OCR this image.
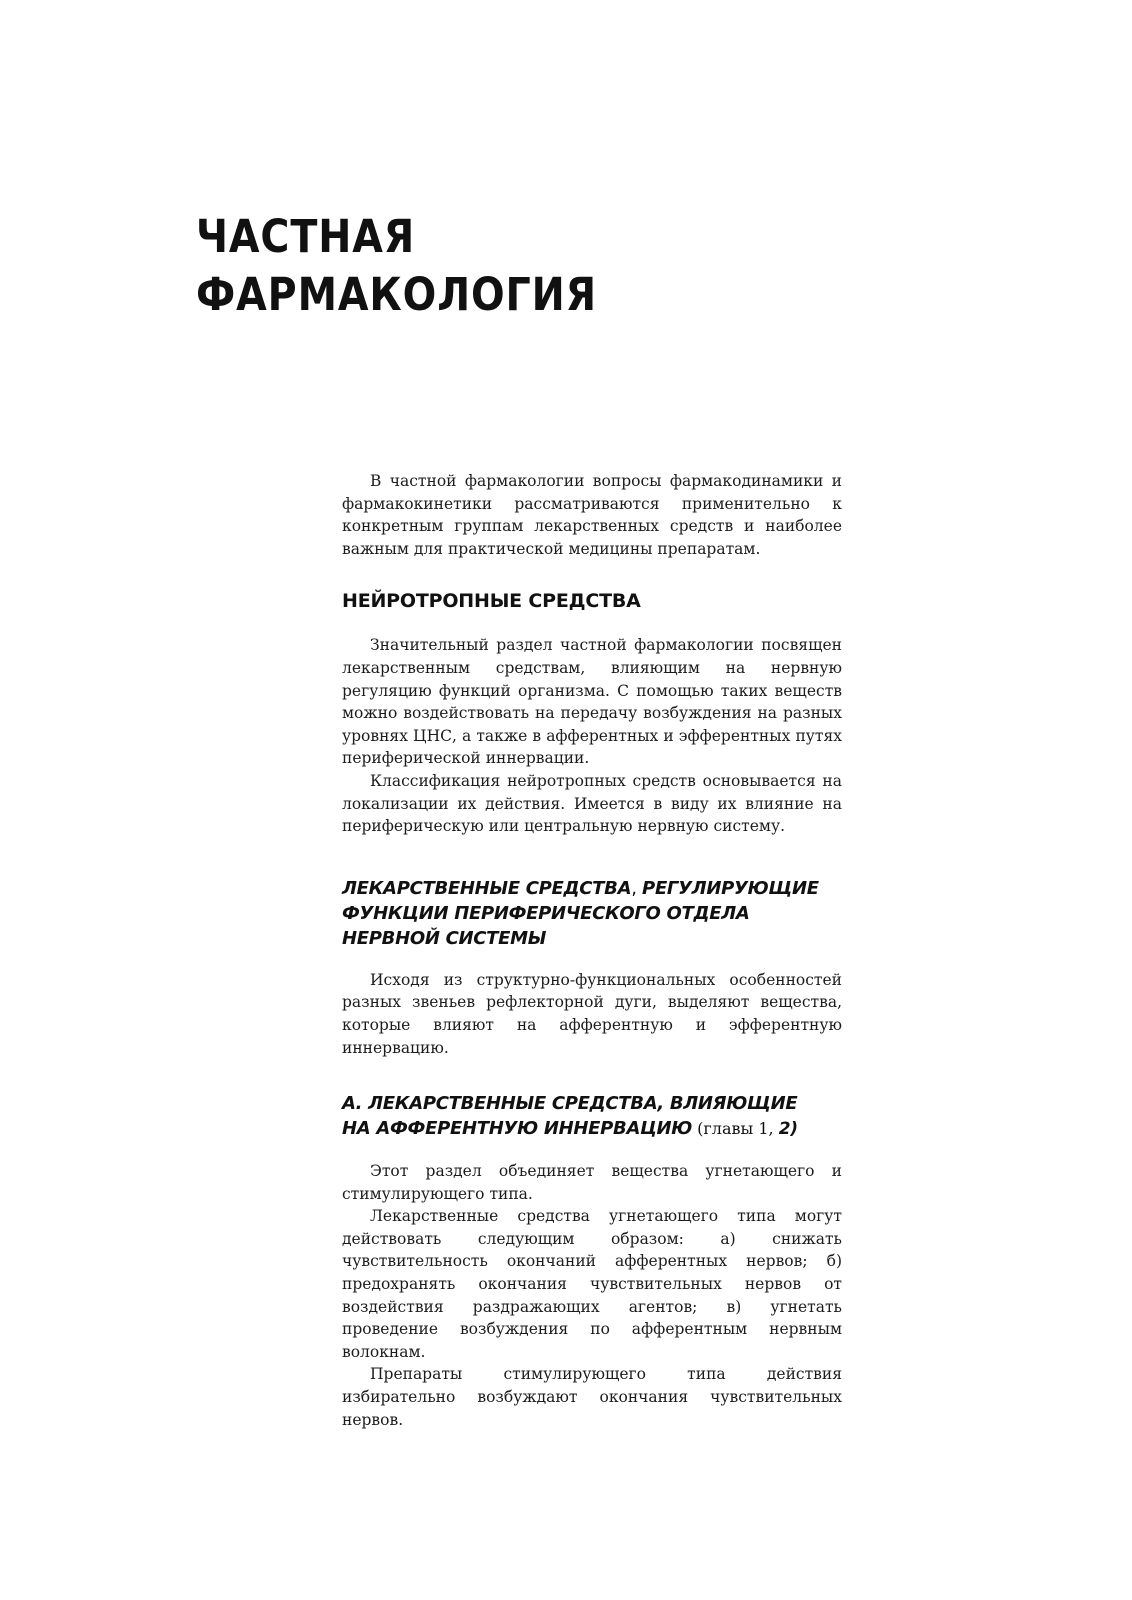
ЧАСТНАЯ
ФАРМАКОЛОГИЯ

В частной фармакологии вопросы фармакодинамики и фармакокинетики рассматриваются применительно к конкретным группам лекарственных средств и наиболее важным для практической медицины препаратам.

НЕЙРОТРОПНЫЕ СРЕДСТВА

Значительный раздел частной фармакологии посвящен лекарственным средствам, влияющим на нервную регуляцию функций организма. С помощью таких веществ можно воздействовать на передачу возбуждения на разных уровнях ЦНС, а также в афферентных и эфферентных путях периферической иннервации.

Классификация нейротропных средств основывается на локализации их действия. Имеется в виду их влияние на периферическую или центральную нервную систему.

ЛЕКАРСТВЕННЫЕ СРЕДСТВА, РЕГУЛИРУЮЩИЕ
ФУНКЦИИ ПЕРИФЕРИЧЕСКОГО ОТДЕЛА
НЕРВНОЙ СИСТЕМЫ

Исходя из структурно-функциональных особенностей разных звеньев рефлекторной дуги, выделяют вещества, которые влияют на афферентную и эфферентную иннервацию.

А. ЛЕКАРСТВЕННЫЕ СРЕДСТВА, ВЛИЯЮЩИЕ
НА АФФЕРЕНТНУЮ ИННЕРВАЦИЮ (главы 1, 2)

Этот раздел объединяет вещества угнетающего и стимулирующего типа.

Лекарственные средства угнетающего типа могут действовать следующим образом: а) снижать чувствительность окончаний афферентных нервов; б) предохранять окончания чувствительных нервов от воздействия раздражающих агентов; в) угнетать проведение возбуждения по афферентным нервным волокнам.

Препараты стимулирующего типа действия избирательно возбуждают окончания чувствительных нервов.
